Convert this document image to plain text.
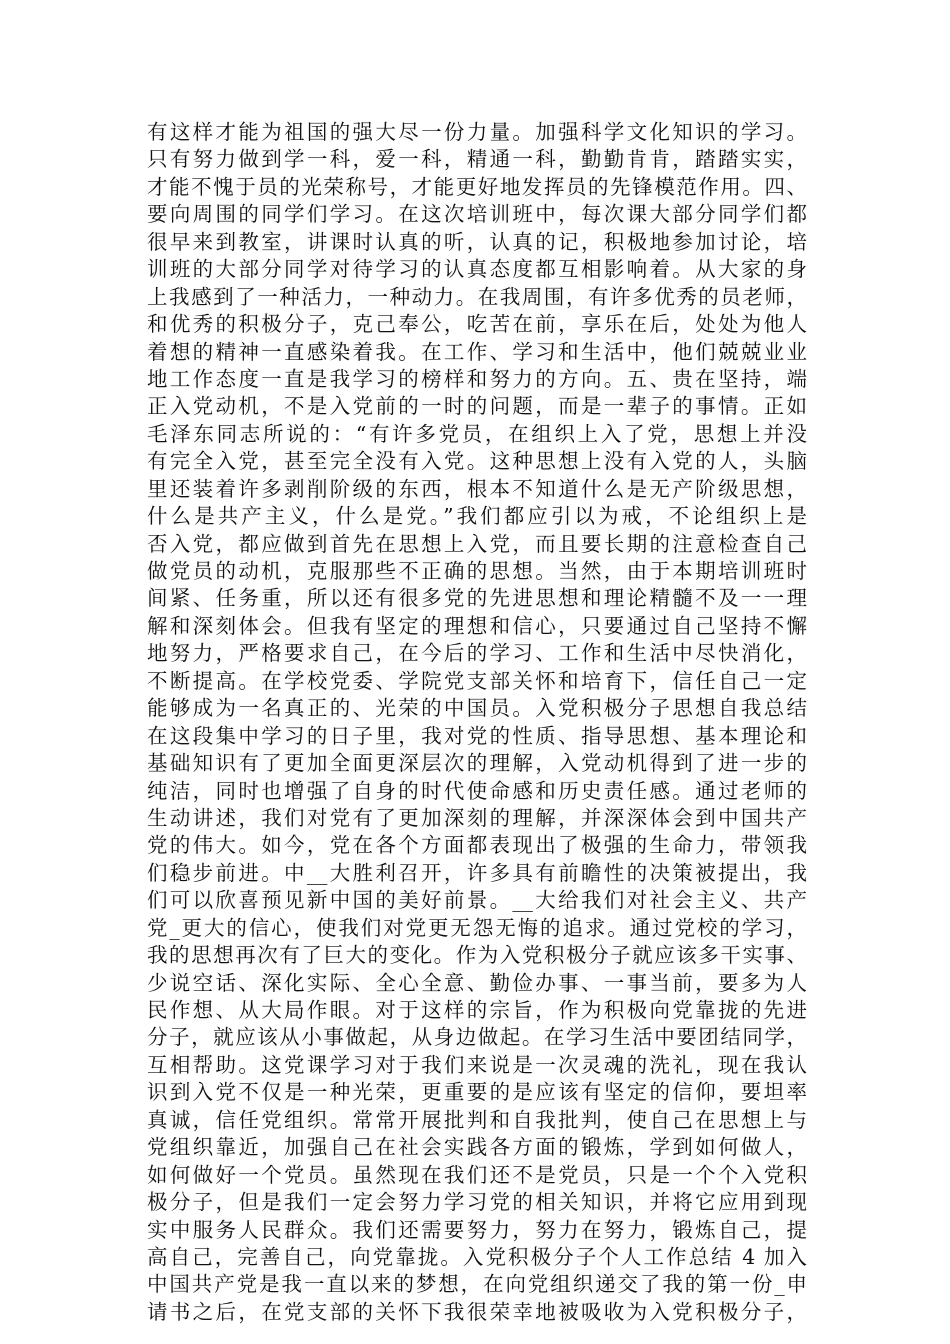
有这样才能为祖国的强大尽一份力量。加强科学文化知识的学习。
只有努力做到学一科，爱一科，精通一科，勤勤肯肯，踏踏实实，
才能不愧于员的光荣称号，才能更好地发挥员的先锋模范作用。四、
要向周围的同学们学习。在这次培训班中，每次课大部分同学们都
很早来到教室，讲课时认真的听，认真的记，积极地参加讨论，培
训班的大部分同学对待学习的认真态度都互相影响着。从大家的身
上我感到了一种活力，一种动力。在我周围，有许多优秀的员老师，
和优秀的积极分子，克己奉公，吃苦在前，享乐在后，处处为他人
着想的精神一直感染着我。在工作、学习和生活中，他们兢兢业业
地工作态度一直是我学习的榜样和努力的方向。五、贵在坚持，端
正入党动机，不是入党前的一时的问题，而是一辈子的事情。正如
毛泽东同志所说的：“有许多党员，在组织上入了党，思想上并没
有完全入党，甚至完全没有入党。这种思想上没有入党的人，头脑
里还装着许多剥削阶级的东西，根本不知道什么是无产阶级思想，
什么是共产主义，什么是党。”我们都应引以为戒，不论组织上是
否入党，都应做到首先在思想上入党，而且要长期的注意检查自己
做党员的动机，克服那些不正确的思想。当然，由于本期培训班时
间紧、任务重，所以还有很多党的先进思想和理论精髓不及一一理
解和深刻体会。但我有坚定的理想和信心，只要通过自己坚持不懈
地努力，严格要求自己，在今后的学习、工作和生活中尽快消化，
不断提高。在学校党委、学院党支部关怀和培育下，信任自己一定
能够成为一名真正的、光荣的中国员。入党积极分子思想自我总结
在这段集中学习的日子里，我对党的性质、指导思想、基本理论和
基础知识有了更加全面更深层次的理解，入党动机得到了进一步的
纯洁，同时也增强了自身的时代使命感和历史责任感。通过老师的
生动讲述，我们对党有了更加深刻的理解，并深深体会到中国共产
党的伟大。如今，党在各个方面都表现出了极强的生命力，带领我
们稳步前进。中__大胜利召开，许多具有前瞻性的决策被提出，我
们可以欣喜预见新中国的美好前景。__大给我们对社会主义、共产
党_更大的信心，使我们对党更无怨无悔的追求。通过党校的学习，
我的思想再次有了巨大的变化。作为入党积极分子就应该多干实事、
少说空话、深化实际、全心全意、勤俭办事、一事当前，要多为人
民作想、从大局作眼。对于这样的宗旨，作为积极向党靠拢的先进
分子，就应该从小事做起，从身边做起。在学习生活中要团结同学，
互相帮助。这党课学习对于我们来说是一次灵魂的洗礼，现在我认
识到入党不仅是一种光荣，更重要的是应该有坚定的信仰，要坦率
真诚，信任党组织。常常开展批判和自我批判，使自己在思想上与
党组织靠近，加强自己在社会实践各方面的锻炼，学到如何做人，
如何做好一个党员。虽然现在我们还不是党员，只是一个个入党积
极分子，但是我们一定会努力学习党的相关知识，并将它应用到现
实中服务人民群众。我们还需要努力，努力在努力，锻炼自己，提
高自己，完善自己，向党靠拢。入党积极分子个人工作总结 4 加入
中国共产党是我一直以来的梦想，在向党组织递交了我的第一份_申
请书之后，在党支部的关怀下我很荣幸地被吸收为入党积极分子，
